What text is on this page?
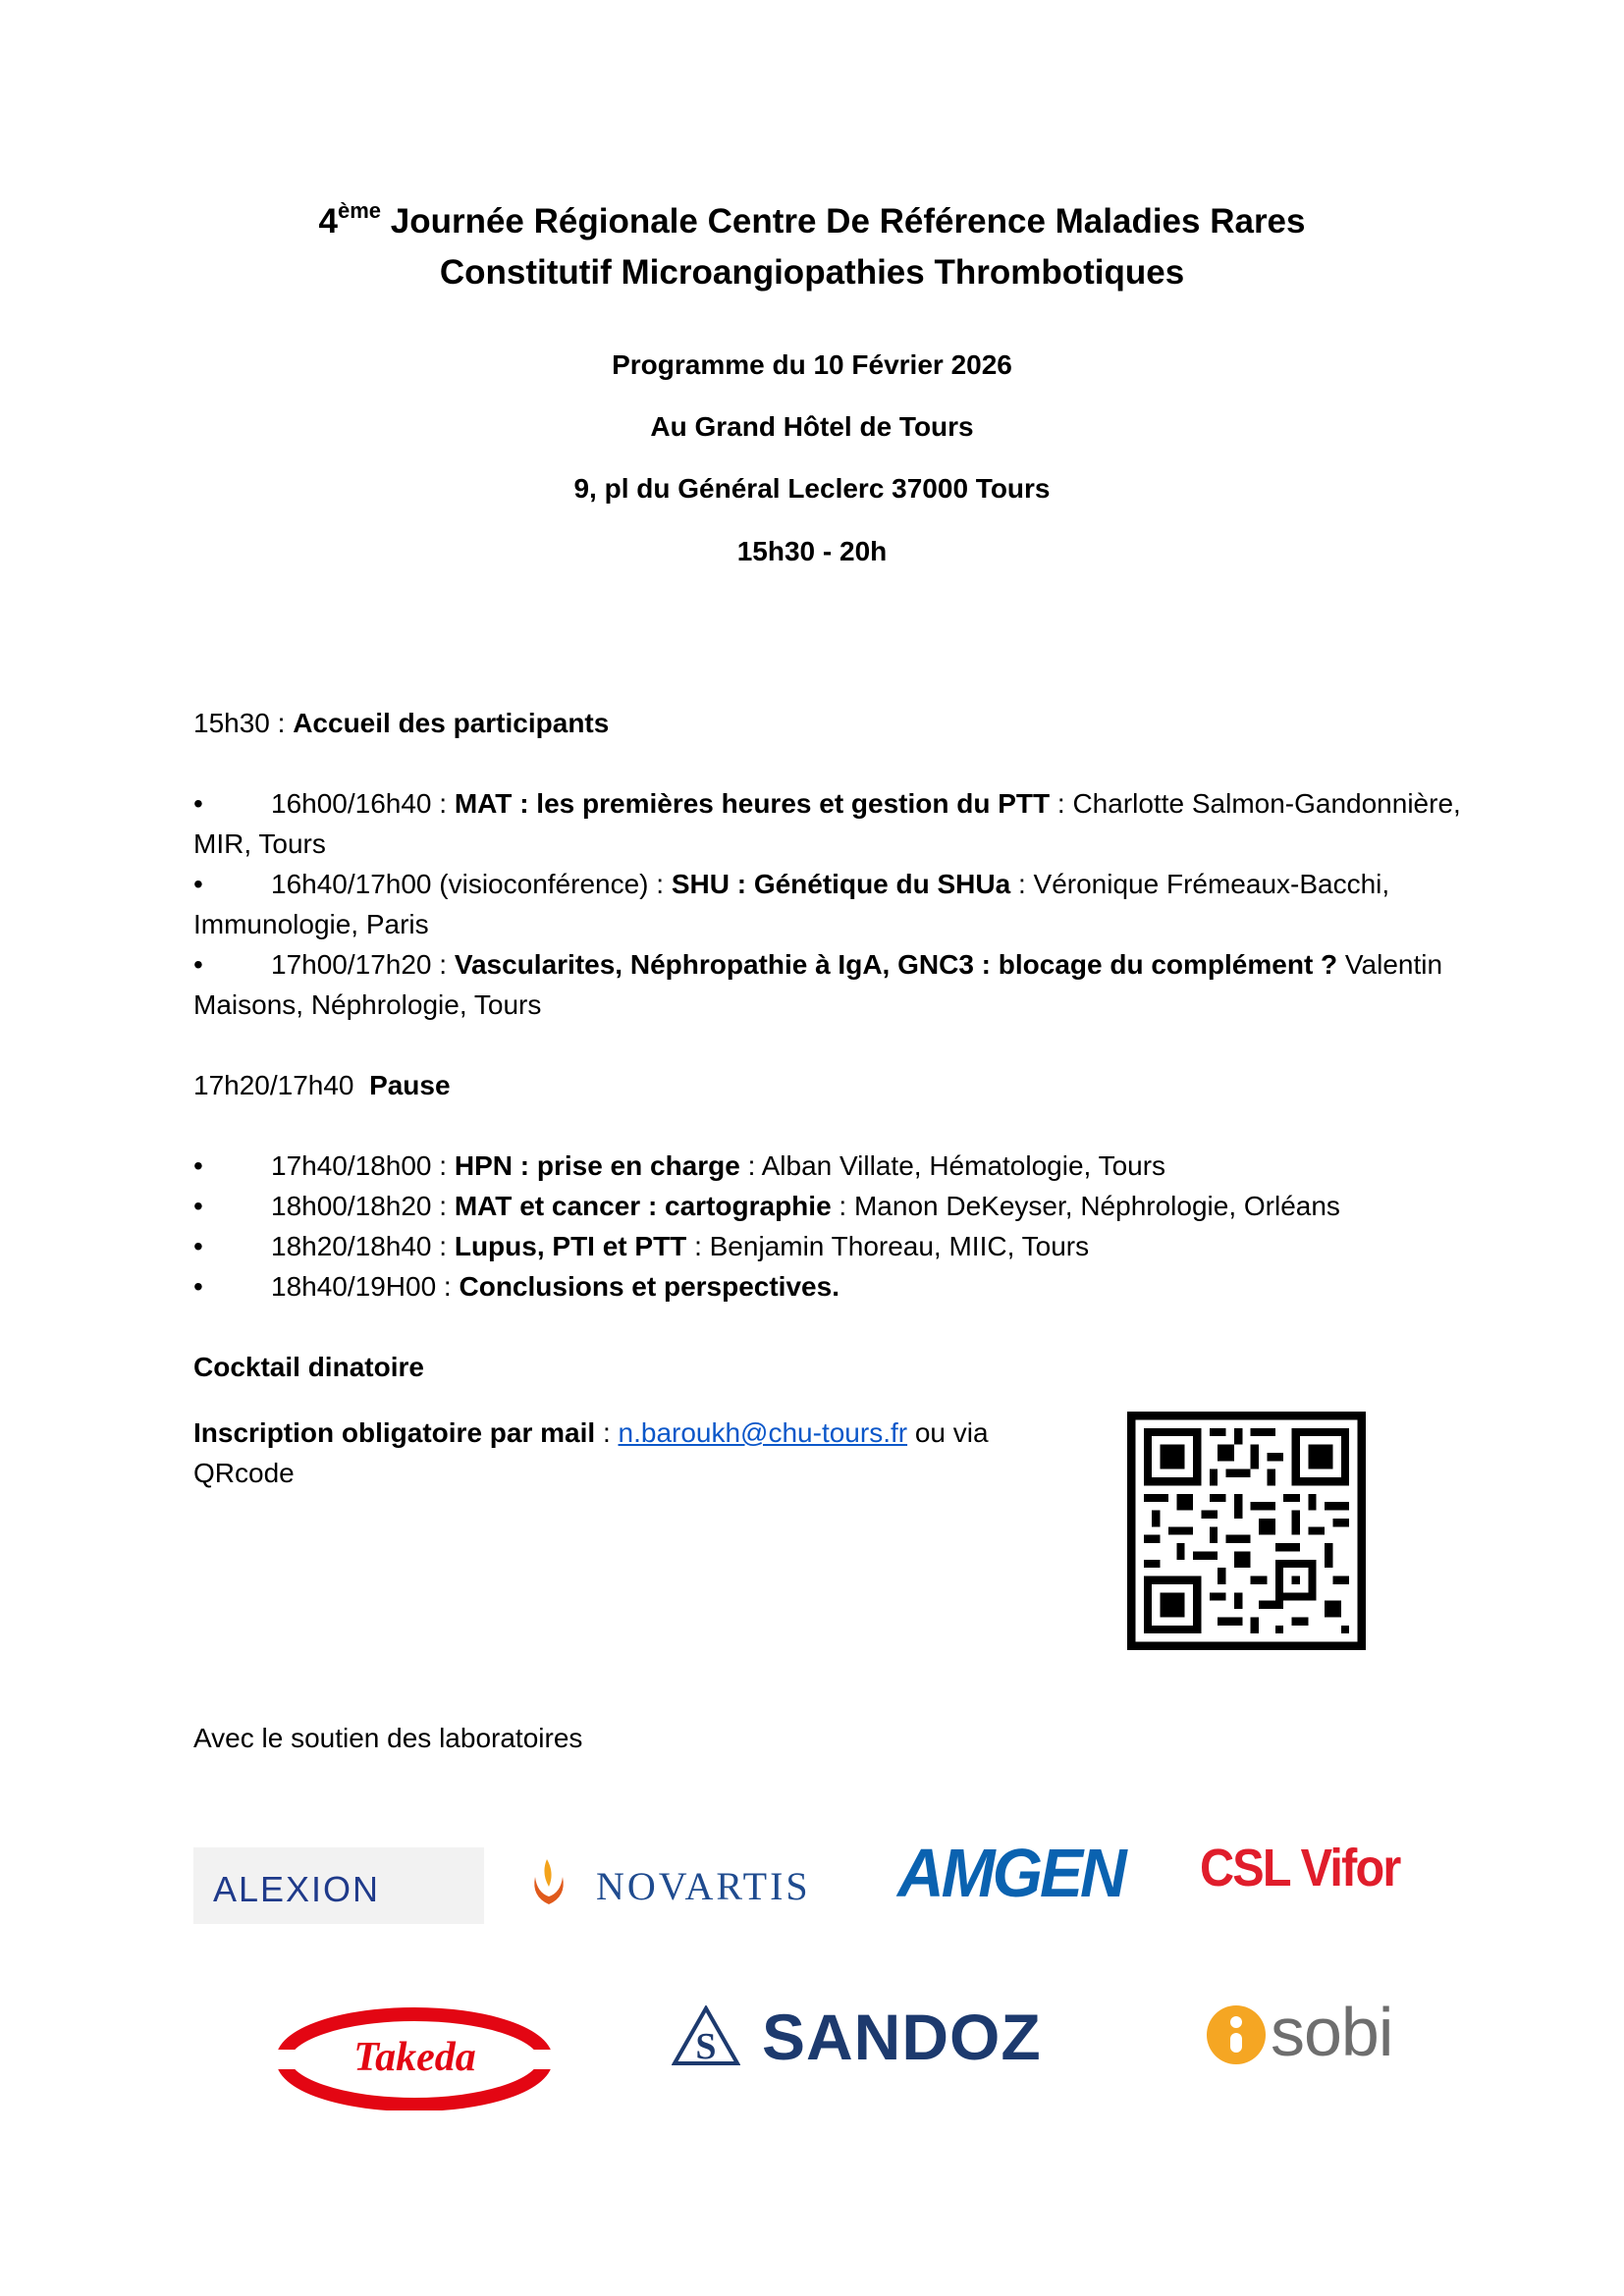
4ème Journée Régionale Centre De Référence Maladies Rares
Constitutif Microangiopathies Thrombotiques
Programme du 10 Février 2026
Au Grand Hôtel de Tours
9, pl du Général Leclerc 37000 Tours
15h30 - 20h
15h30 : Accueil des participants
•	16h00/16h40 : MAT : les premières heures et gestion du PTT : Charlotte Salmon-Gandonnière, MIR, Tours
•	16h40/17h00 (visioconférence) : SHU : Génétique du SHUa : Véronique Frémeaux-Bacchi, Immunologie, Paris
•	17h00/17h20 : Vascularites, Néphropathie à IgA, GNC3 : blocage du complément ? Valentin Maisons, Néphrologie, Tours
17h20/17h40  Pause
•	17h40/18h00 : HPN : prise en charge : Alban Villate, Hématologie, Tours
•	18h00/18h20 : MAT et cancer : cartographie : Manon DeKeyser, Néphrologie, Orléans
•	18h20/18h40 : Lupus, PTI et PTT : Benjamin Thoreau, MIIC, Tours
•	18h40/19H00 : Conclusions et perspectives.
Cocktail dinatoire
Inscription obligatoire par mail : n.baroukh@chu-tours.fr ou via QRcode
Avec le soutien des laboratoires
ALEXION	NOVARTIS AMGEN CSL Vifor
Takeda	S SANDOZ	sobi
